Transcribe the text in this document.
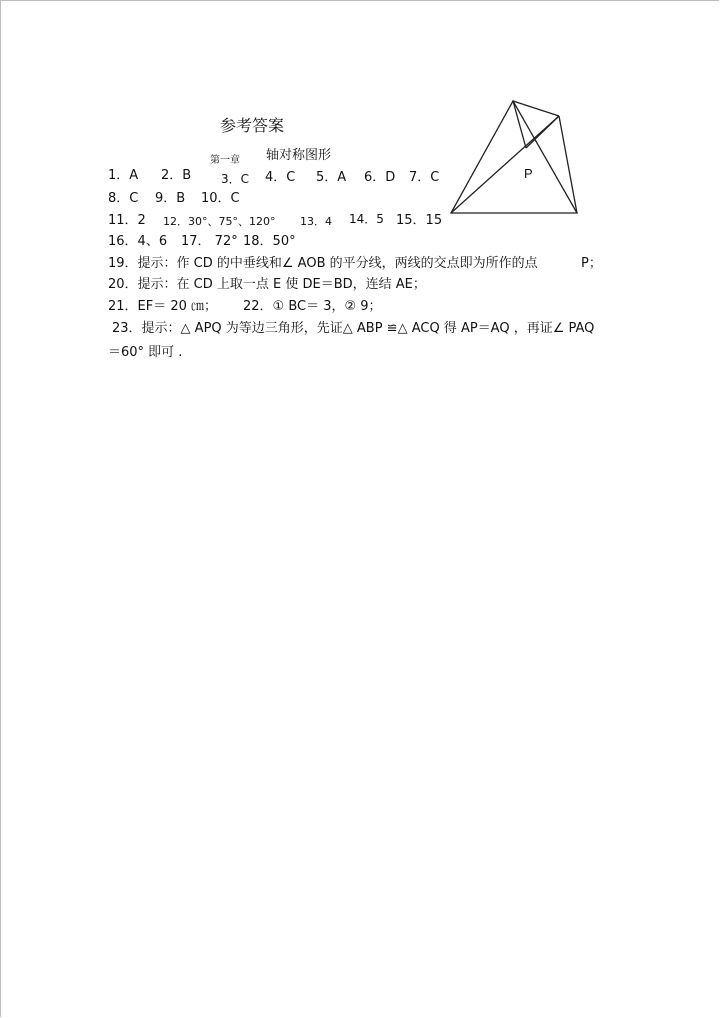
参考答案
第一章 轴对称图形
1．A 2．B 3．C 4．C 5．A 6．D 7．C
8．C 9．B 10．C
11．2 12．30°、75°、120° 13．4 14．5 15．15
16．4、6 17． 72° 18．50°
19．提示：作 CD 的中垂线和∠ AOB 的平分线，两线的交点即为所作的点	P；
20．提示：在 CD 上取一点 E 使 DE＝BD，连结 AE；
21．EF＝ 20 ㎝； 22．① BC＝ 3，② 9；
23．提示：△ APQ 为等边三角形，先证△ ABP ≌△ ACQ 得 AP＝AQ ，再证∠ PAQ
＝60° 即可 .
P
